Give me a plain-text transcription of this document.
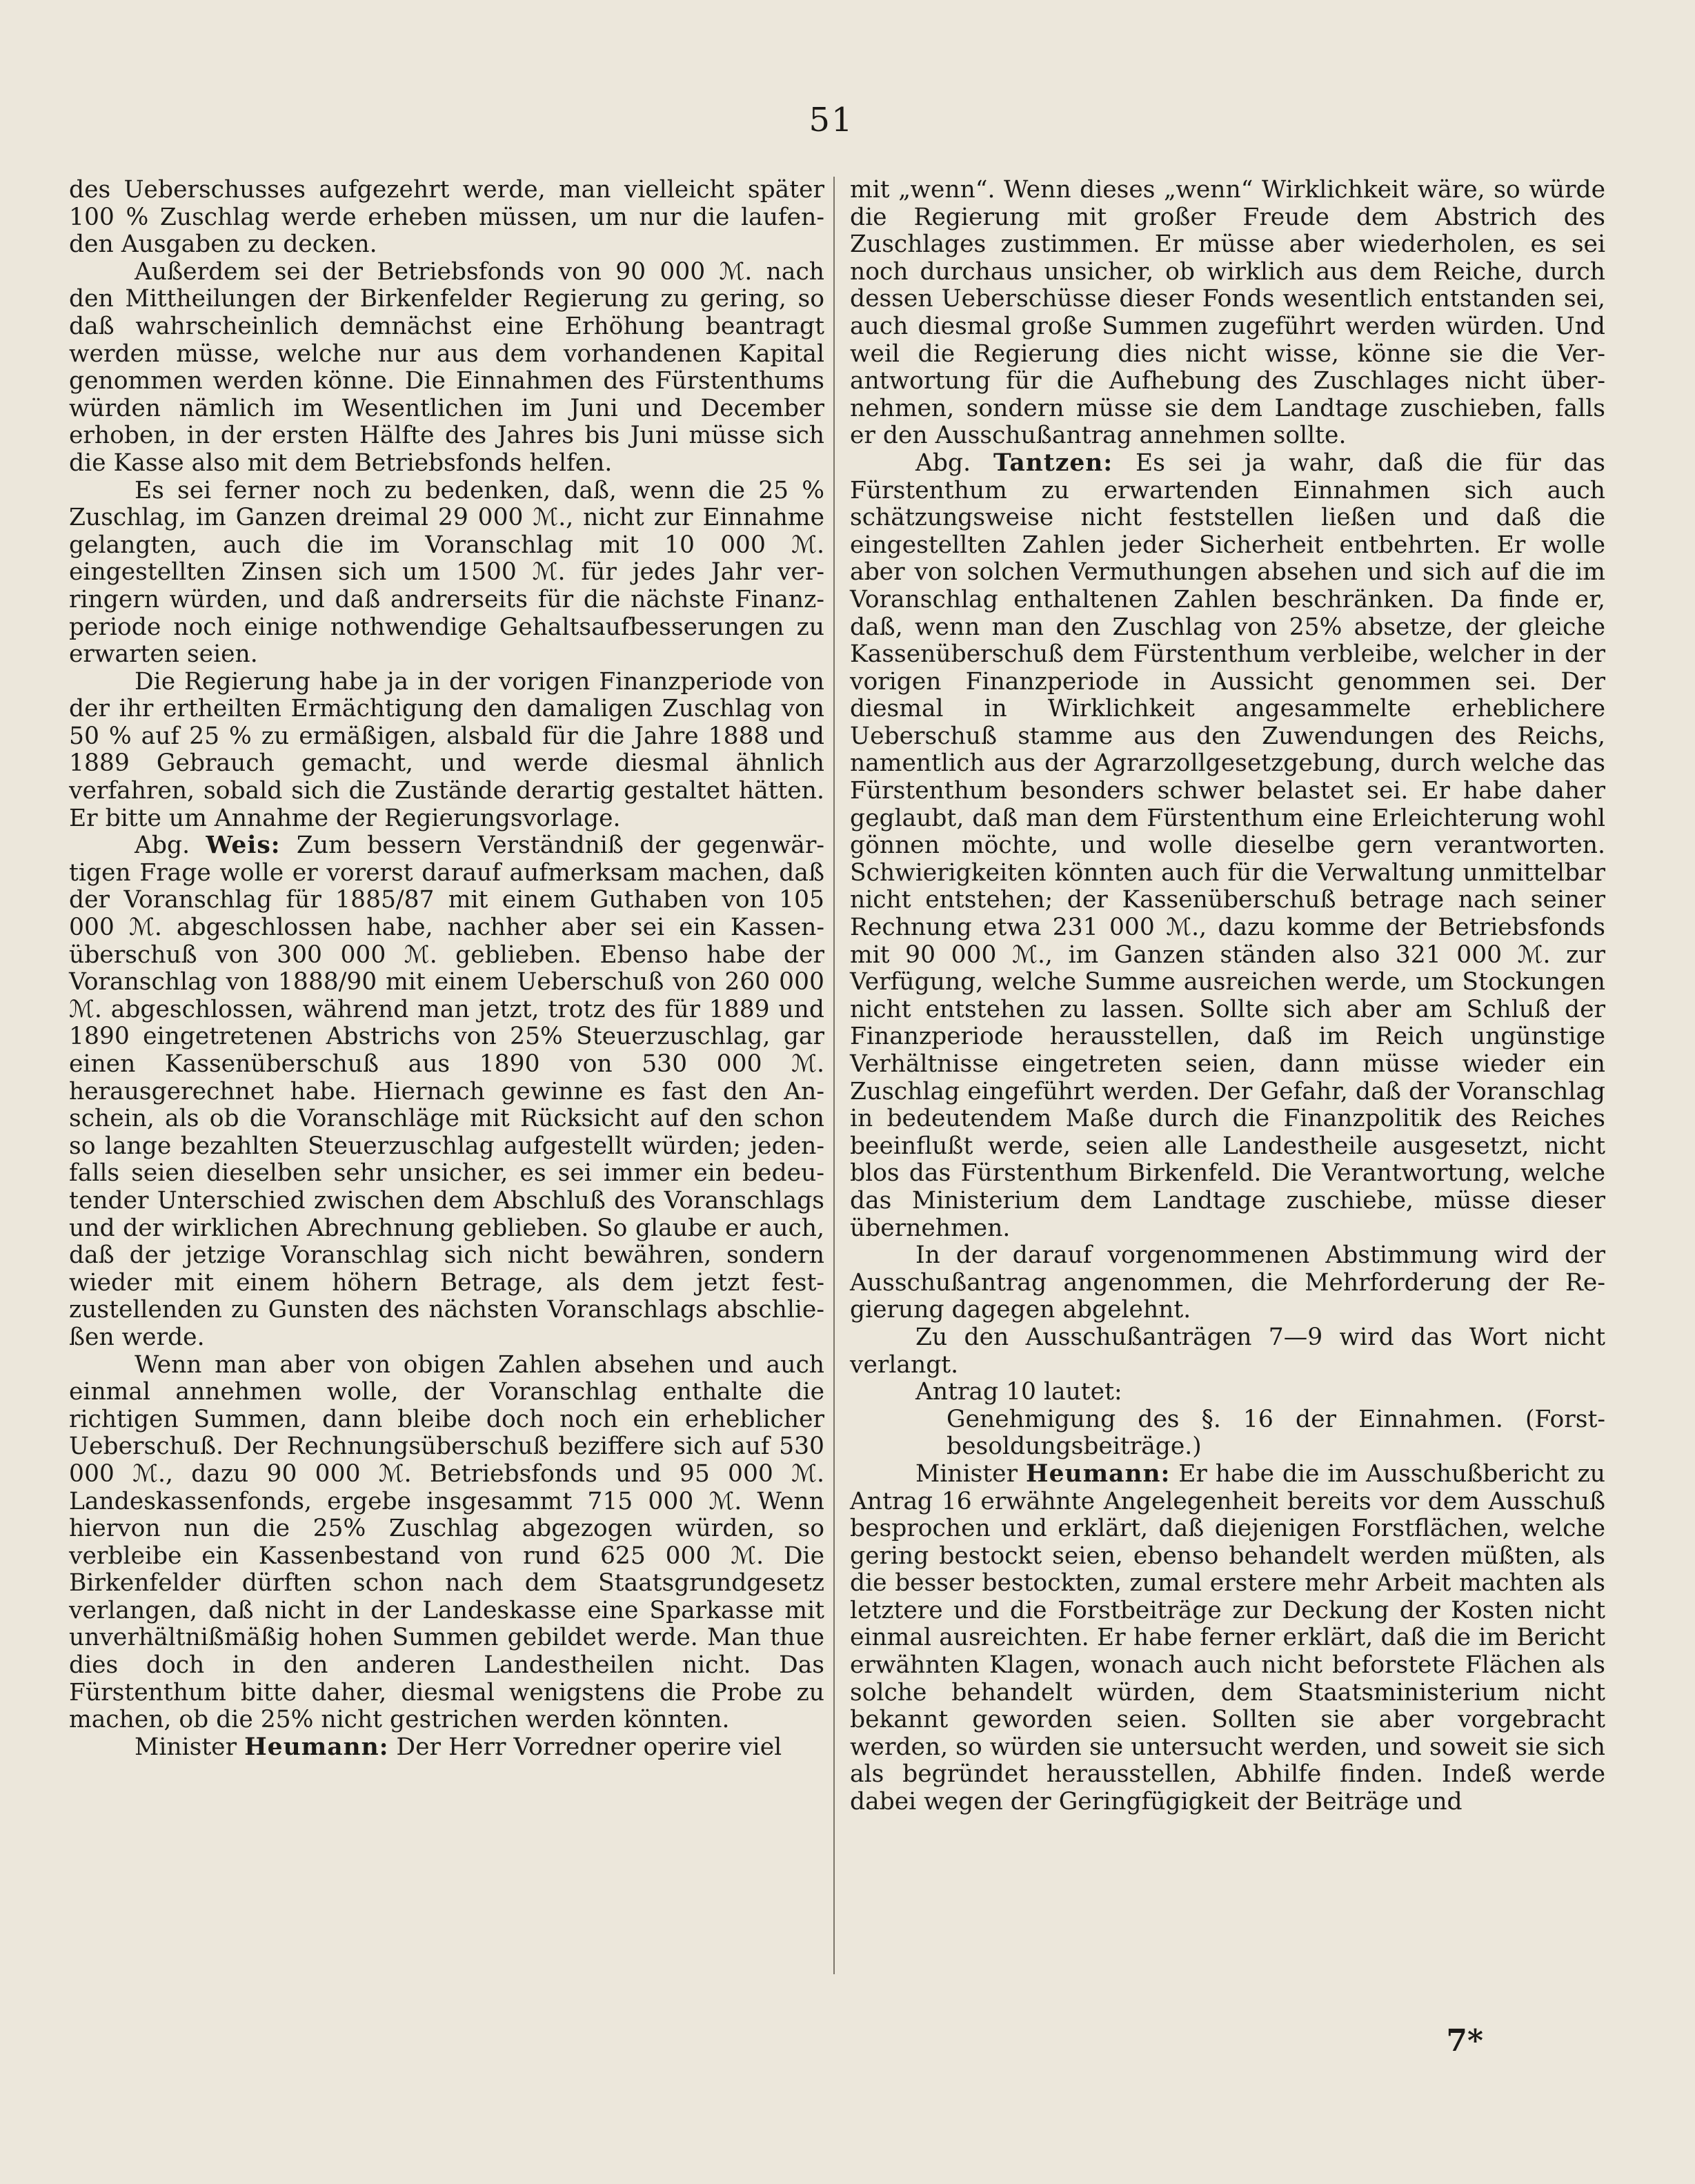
51

des Ueberschusses aufgezehrt werde, man vielleicht später 100 % Zuschlag werde erheben müssen, um nur die laufenden Ausgaben zu decken.

Außerdem sei der Betriebsfonds von 90 000 ℳ. nach den Mittheilungen der Birkenfelder Regierung zu gering, so daß wahrscheinlich demnächst eine Erhöhung beantragt werden müsse, welche nur aus dem vorhandenen Kapital genommen werden könne. Die Einnahmen des Fürstenthums würden nämlich im Wesentlichen im Juni und December erhoben, in der ersten Hälfte des Jahres bis Juni müsse sich die Kasse also mit dem Betriebsfonds helfen.

Es sei ferner noch zu bedenken, daß, wenn die 25 % Zuschlag, im Ganzen dreimal 29 000 ℳ., nicht zur Einnahme gelangten, auch die im Voranschlag mit 10 000 ℳ. eingestellten Zinsen sich um 1500 ℳ. für jedes Jahr verringern würden, und daß andrerseits für die nächste Finanzperiode noch einige nothwendige Gehaltsaufbesserungen zu erwarten seien.

Die Regierung habe ja in der vorigen Finanzperiode von der ihr ertheilten Ermächtigung den damaligen Zuschlag von 50 % auf 25 % zu ermäßigen, alsbald für die Jahre 1888 und 1889 Gebrauch gemacht, und werde diesmal ähnlich verfahren, sobald sich die Zustände derartig gestaltet hätten. Er bitte um Annahme der Regierungsvorlage.

Abg. Weis: Zum bessern Verständniß der gegenwärtigen Frage wolle er vorerst darauf aufmerksam machen, daß der Voranschlag für 1885/87 mit einem Guthaben von 105 000 ℳ. abgeschlossen habe, nachher aber sei ein Kassenüberschuß von 300 000 ℳ. geblieben. Ebenso habe der Voranschlag von 1888/90 mit einem Ueberschuß von 260 000 ℳ. abgeschlossen, während man jetzt, trotz des für 1889 und 1890 eingetretenen Abstrichs von 25% Steuerzuschlag, gar einen Kassenüberschuß aus 1890 von 530 000 ℳ. herausgerechnet habe. Hiernach gewinne es fast den Anschein, als ob die Voranschläge mit Rücksicht auf den schon so lange bezahlten Steuerzuschlag aufgestellt würden; jedenfalls seien dieselben sehr unsicher, es sei immer ein bedeutender Unterschied zwischen dem Abschluß des Voranschlags und der wirklichen Abrechnung geblieben. So glaube er auch, daß der jetzige Voranschlag sich nicht bewähren, sondern wieder mit einem höhern Betrage, als dem jetzt festzustellenden zu Gunsten des nächsten Voranschlags abschließen werde.

Wenn man aber von obigen Zahlen absehen und auch einmal annehmen wolle, der Voranschlag enthalte die richtigen Summen, dann bleibe doch noch ein erheblicher Ueberschuß. Der Rechnungsüberschuß beziffere sich auf 530 000 ℳ., dazu 90 000 ℳ. Betriebsfonds und 95 000 ℳ. Landeskassenfonds, ergebe insgesammt 715 000 ℳ. Wenn hiervon nun die 25% Zuschlag abgezogen würden, so verbleibe ein Kassenbestand von rund 625 000 ℳ. Die Birkenfelder dürften schon nach dem Staatsgrundgesetz verlangen, daß nicht in der Landeskasse eine Sparkasse mit unverhältnißmäßig hohen Summen gebildet werde. Man thue dies doch in den anderen Landestheilen nicht. Das Fürstenthum bitte daher, diesmal wenigstens die Probe zu machen, ob die 25% nicht gestrichen werden könnten.

Minister Heumann: Der Herr Vorredner operire viel

mit „wenn“. Wenn dieses „wenn“ Wirklichkeit wäre, so würde die Regierung mit großer Freude dem Abstrich des Zuschlages zustimmen. Er müsse aber wiederholen, es sei noch durchaus unsicher, ob wirklich aus dem Reiche, durch dessen Ueberschüsse dieser Fonds wesentlich entstanden sei, auch diesmal große Summen zugeführt werden würden. Und weil die Regierung dies nicht wisse, könne sie die Verantwortung für die Aufhebung des Zuschlages nicht übernehmen, sondern müsse sie dem Landtage zuschieben, falls er den Ausschußantrag annehmen sollte.

Abg. Tantzen: Es sei ja wahr, daß die für das Fürstenthum zu erwartenden Einnahmen sich auch schätzungsweise nicht feststellen ließen und daß die eingestellten Zahlen jeder Sicherheit entbehrten. Er wolle aber von solchen Vermuthungen absehen und sich auf die im Voranschlag enthaltenen Zahlen beschränken. Da finde er, daß, wenn man den Zuschlag von 25% absetze, der gleiche Kassenüberschuß dem Fürstenthum verbleibe, welcher in der vorigen Finanzperiode in Aussicht genommen sei. Der diesmal in Wirklichkeit angesammelte erheblichere Ueberschuß stamme aus den Zuwendungen des Reichs, namentlich aus der Agrarzollgesetzgebung, durch welche das Fürstenthum besonders schwer belastet sei. Er habe daher geglaubt, daß man dem Fürstenthum eine Erleichterung wohl gönnen möchte, und wolle dieselbe gern verantworten. Schwierigkeiten könnten auch für die Verwaltung unmittelbar nicht entstehen; der Kassenüberschuß betrage nach seiner Rechnung etwa 231 000 ℳ., dazu komme der Betriebsfonds mit 90 000 ℳ., im Ganzen ständen also 321 000 ℳ. zur Verfügung, welche Summe ausreichen werde, um Stockungen nicht entstehen zu lassen. Sollte sich aber am Schluß der Finanzperiode herausstellen, daß im Reich ungünstige Verhältnisse eingetreten seien, dann müsse wieder ein Zuschlag eingeführt werden. Der Gefahr, daß der Voranschlag in bedeutendem Maße durch die Finanzpolitik des Reiches beeinflußt werde, seien alle Landestheile ausgesetzt, nicht blos das Fürstenthum Birkenfeld. Die Verantwortung, welche das Ministerium dem Landtage zuschiebe, müsse dieser übernehmen.

In der darauf vorgenommenen Abstimmung wird der Ausschußantrag angenommen, die Mehrforderung der Regierung dagegen abgelehnt.

Zu den Ausschußanträgen 7—9 wird das Wort nicht verlangt.

Antrag 10 lautet:

Genehmigung des §. 16 der Einnahmen. (Forstbesoldungsbeiträge.)

Minister Heumann: Er habe die im Ausschußbericht zu Antrag 16 erwähnte Angelegenheit bereits vor dem Ausschuß besprochen und erklärt, daß diejenigen Forstflächen, welche gering bestockt seien, ebenso behandelt werden müßten, als die besser bestockten, zumal erstere mehr Arbeit machten als letztere und die Forstbeiträge zur Deckung der Kosten nicht einmal ausreichten. Er habe ferner erklärt, daß die im Bericht erwähnten Klagen, wonach auch nicht beforstete Flächen als solche behandelt würden, dem Staatsministerium nicht bekannt geworden seien. Sollten sie aber vorgebracht werden, so würden sie untersucht werden, und soweit sie sich als begründet herausstellen, Abhilfe finden. Indeß werde dabei wegen der Geringfügigkeit der Beiträge und

7*
